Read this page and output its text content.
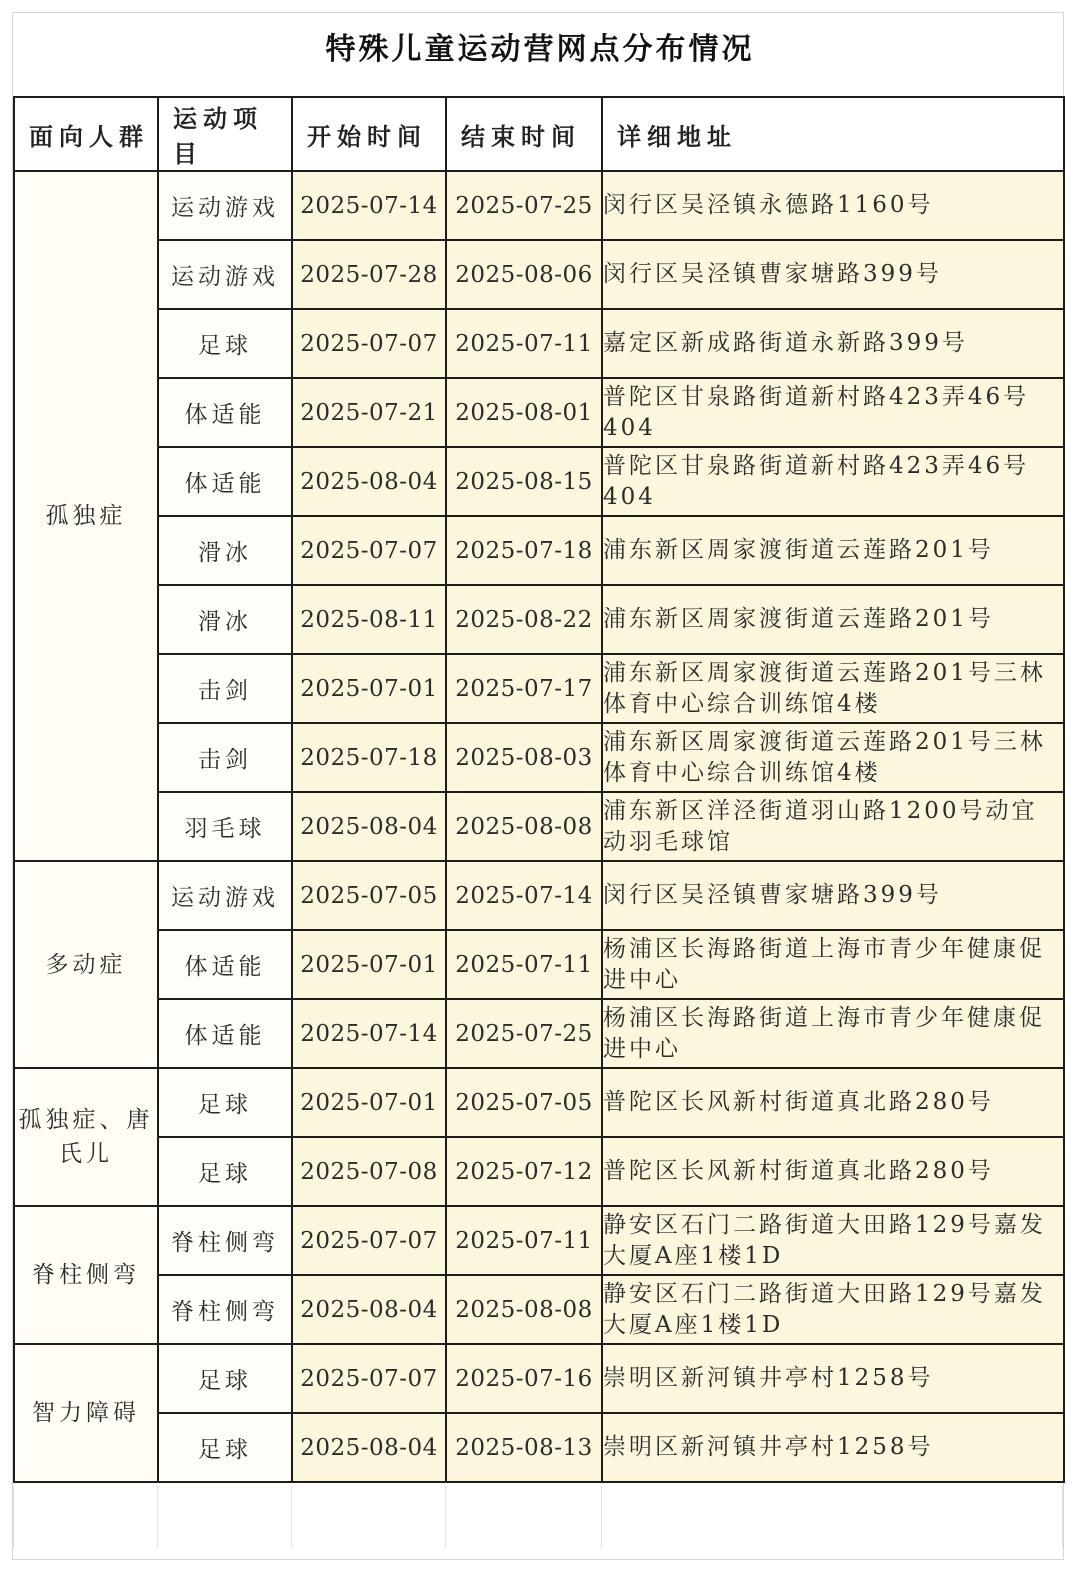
特殊儿童运动营网点分布情况
面向人群	运动项目	开始时间	结束时间	详细地址
孤独症	运动游戏	2025-07-14	2025-07-25	闵行区吴泾镇永德路1160号
	运动游戏	2025-07-28	2025-08-06	闵行区吴泾镇曹家塘路399号
	足球	2025-07-07	2025-07-11	嘉定区新成路街道永新路399号
	体适能	2025-07-21	2025-08-01	普陀区甘泉路街道新村路423弄46号404
	体适能	2025-08-04	2025-08-15	普陀区甘泉路街道新村路423弄46号404
	滑冰	2025-07-07	2025-07-18	浦东新区周家渡街道云莲路201号
	滑冰	2025-08-11	2025-08-22	浦东新区周家渡街道云莲路201号
	击剑	2025-07-01	2025-07-17	浦东新区周家渡街道云莲路201号三林体育中心综合训练馆4楼
	击剑	2025-07-18	2025-08-03	浦东新区周家渡街道云莲路201号三林体育中心综合训练馆4楼
	羽毛球	2025-08-04	2025-08-08	浦东新区洋泾街道羽山路1200号动宜动羽毛球馆
多动症	运动游戏	2025-07-05	2025-07-14	闵行区吴泾镇曹家塘路399号
	体适能	2025-07-01	2025-07-11	杨浦区长海路街道上海市青少年健康促进中心
	体适能	2025-07-14	2025-07-25	杨浦区长海路街道上海市青少年健康促进中心
孤独症、唐氏儿	足球	2025-07-01	2025-07-05	普陀区长风新村街道真北路280号
	足球	2025-07-08	2025-07-12	普陀区长风新村街道真北路280号
脊柱侧弯	脊柱侧弯	2025-07-07	2025-07-11	静安区石门二路街道大田路129号嘉发大厦A座1楼1D
	脊柱侧弯	2025-08-04	2025-08-08	静安区石门二路街道大田路129号嘉发大厦A座1楼1D
智力障碍	足球	2025-07-07	2025-07-16	崇明区新河镇井亭村1258号
	足球	2025-08-04	2025-08-13	崇明区新河镇井亭村1258号
